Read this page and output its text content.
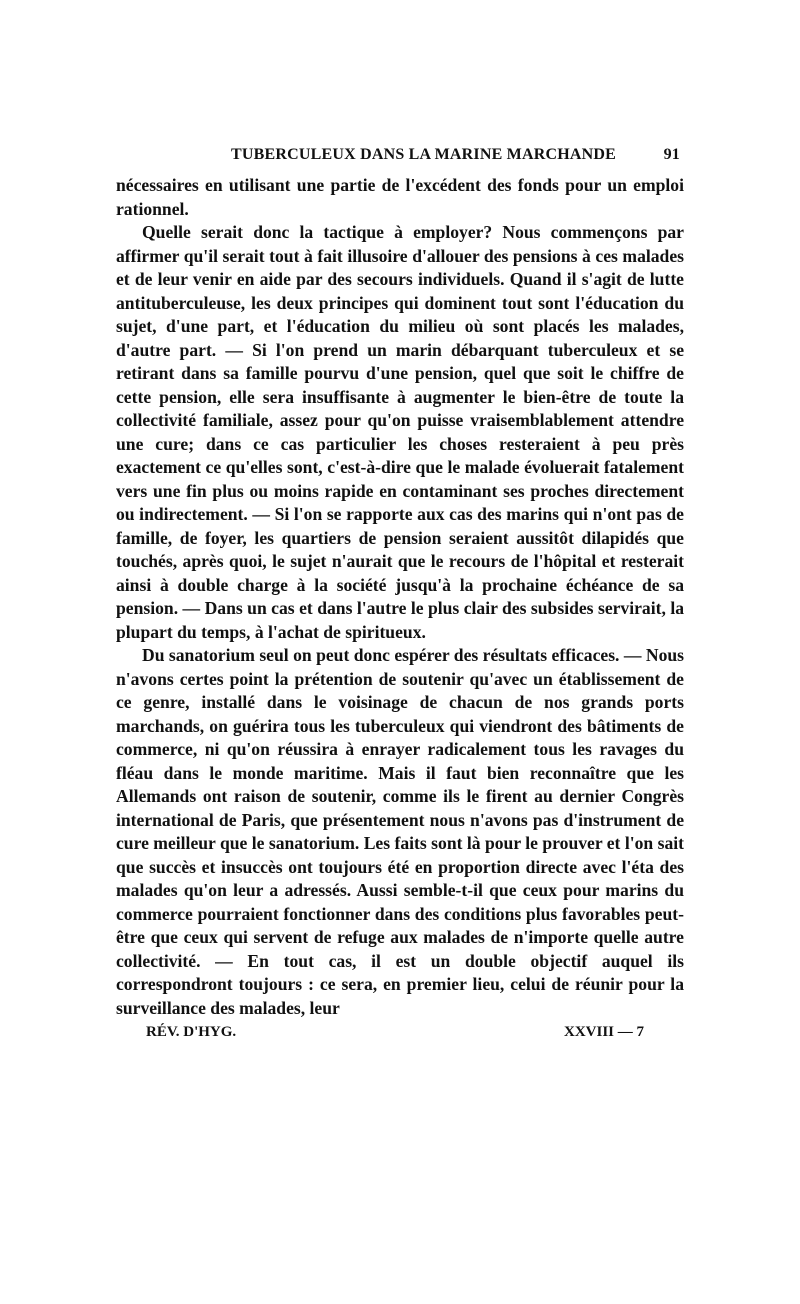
TUBERCULEUX DANS LA MARINE MARCHANDE	91

nécessaires en utilisant une partie de l'excédent des fonds pour un emploi rationnel.

Quelle serait donc la tactique à employer? Nous commençons par affirmer qu'il serait tout à fait illusoire d'allouer des pensions à ces malades et de leur venir en aide par des secours individuels. Quand il s'agit de lutte antituberculeuse, les deux principes qui dominent tout sont l'éducation du sujet, d'une part, et l'éducation du milieu où sont placés les malades, d'autre part. — Si l'on prend un marin débarquant tuberculeux et se retirant dans sa famille pourvu d'une pension, quel que soit le chiffre de cette pension, elle sera insuffisante à augmenter le bien-être de toute la collectivité familiale, assez pour qu'on puisse vraisemblablement attendre une cure; dans ce cas particulier les choses resteraient à peu près exactement ce qu'elles sont, c'est-à-dire que le malade évoluerait fatalement vers une fin plus ou moins rapide en contaminant ses proches directement ou indirectement. — Si l'on se rapporte aux cas des marins qui n'ont pas de famille, de foyer, les quartiers de pension seraient aussitôt dilapidés que touchés, après quoi, le sujet n'aurait que le recours de l'hôpital et resterait ainsi à double charge à la société jusqu'à la prochaine échéance de sa pension. — Dans un cas et dans l'autre le plus clair des subsides servirait, la plupart du temps, à l'achat de spiritueux.

Du sanatorium seul on peut donc espérer des résultats efficaces. — Nous n'avons certes point la prétention de soutenir qu'avec un établissement de ce genre, installé dans le voisinage de chacun de nos grands ports marchands, on guérira tous les tuberculeux qui viendront des bâtiments de commerce, ni qu'on réussira à enrayer radicalement tous les ravages du fléau dans le monde maritime. Mais il faut bien reconnaître que les Allemands ont raison de soutenir, comme ils le firent au dernier Congrès international de Paris, que présentement nous n'avons pas d'instrument de cure meilleur que le sanatorium. Les faits sont là pour le prouver et l'on sait que succès et insuccès ont toujours été en proportion directe avec l'éta des malades qu'on leur a adressés. Aussi semble-t-il que ceux pour marins du commerce pourraient fonctionner dans des conditions plus favorables peut-être que ceux qui servent de refuge aux malades de n'importe quelle autre collectivité. — En tout cas, il est un double objectif auquel ils correspondront toujours : ce sera, en premier lieu, celui de réunir pour la surveillance des malades, leur

RÉV. D'HYG.	XXVIII — 7
